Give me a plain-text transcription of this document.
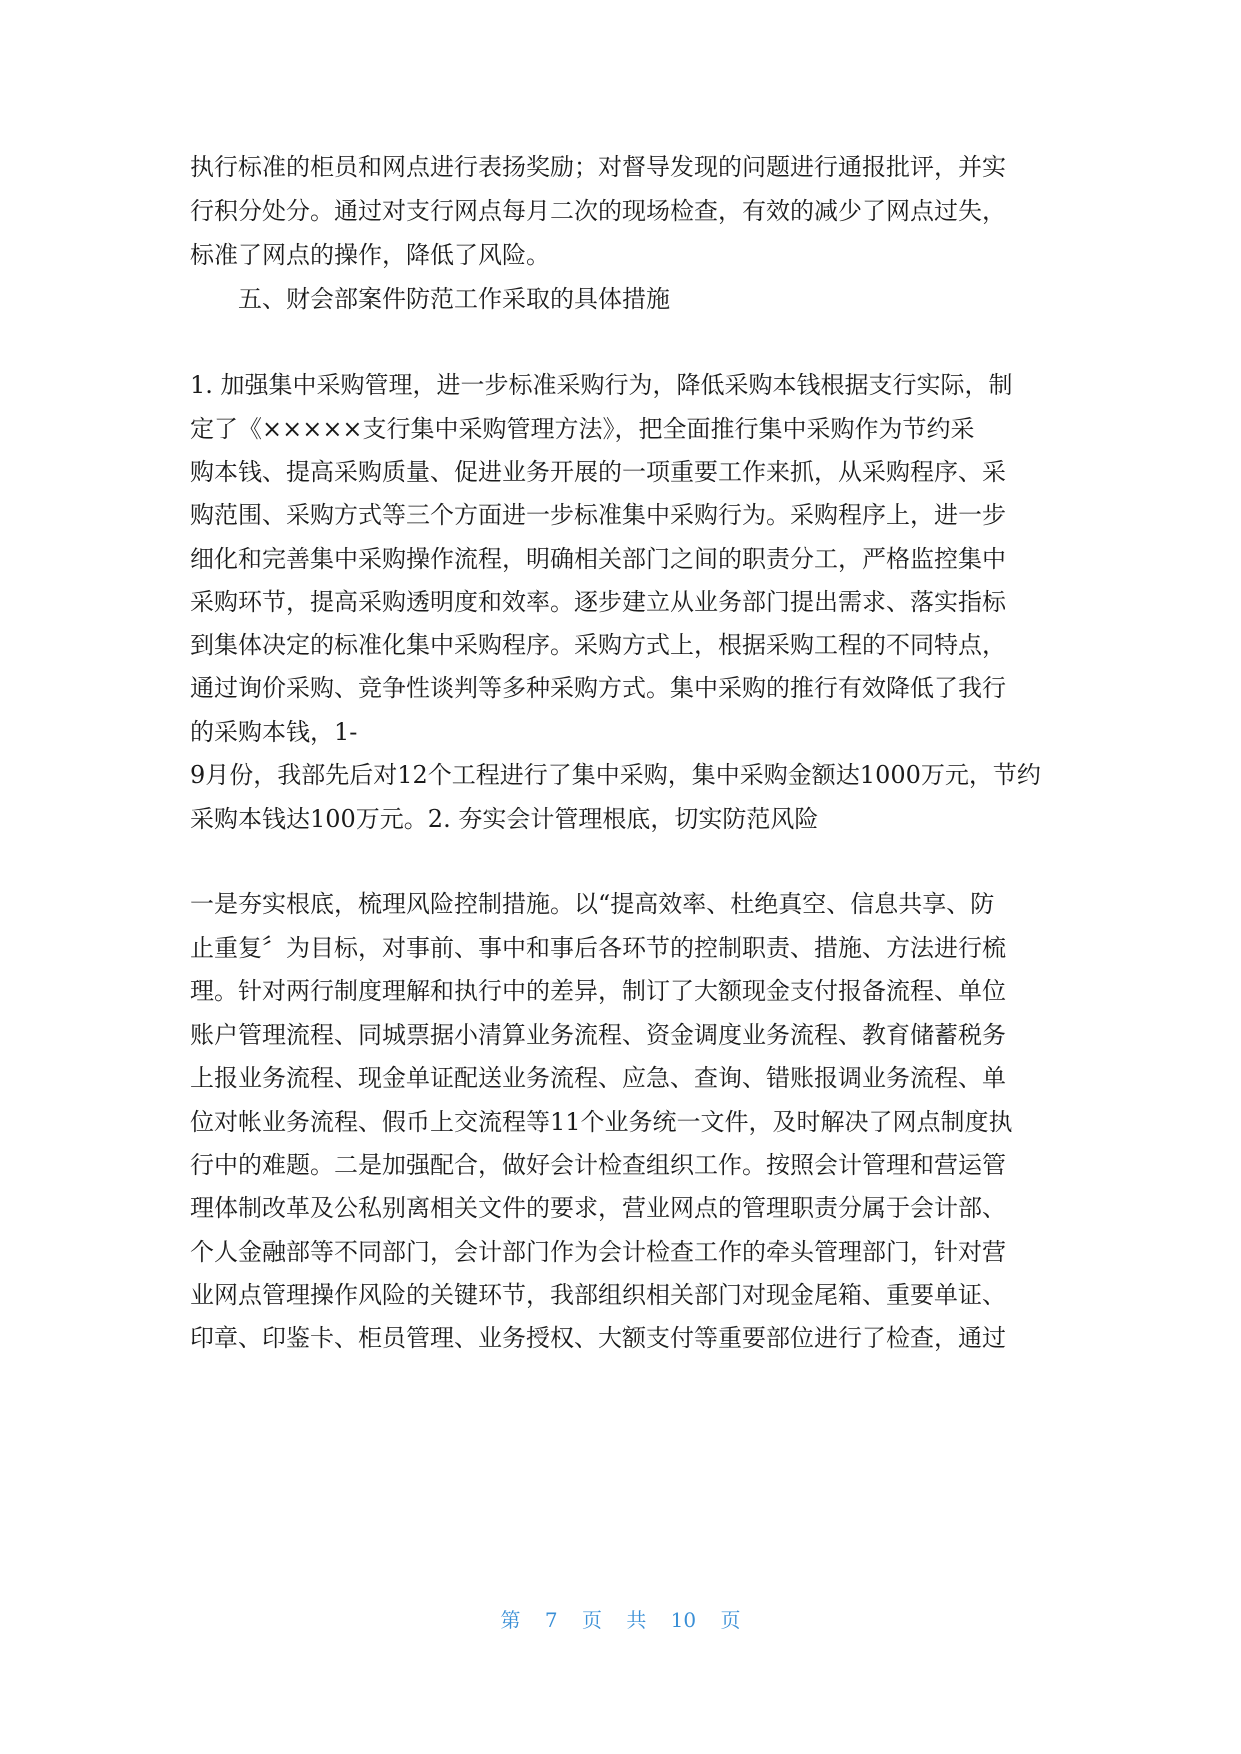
执行标准的柜员和网点进行表扬奖励；对督导发现的问题进行通报批评，并实
行积分处分。通过对支行网点每月二次的现场检查，有效的减少了网点过失，
标准了网点的操作，降低了风险。
五、财会部案件防范工作采取的具体措施
1. 加强集中采购管理，进一步标准采购行为，降低采购本钱根据支行实际，制
定了《×××××支行集中采购管理方法》，把全面推行集中采购作为节约采
购本钱、提高采购质量、促进业务开展的一项重要工作来抓，从采购程序、采
购范围、采购方式等三个方面进一步标准集中采购行为。采购程序上，进一步
细化和完善集中采购操作流程，明确相关部门之间的职责分工，严格监控集中
采购环节，提高采购透明度和效率。逐步建立从业务部门提出需求、落实指标
到集体决定的标准化集中采购程序。采购方式上，根据采购工程的不同特点，
通过询价采购、竞争性谈判等多种采购方式。集中采购的推行有效降低了我行
的采购本钱，1-
9月份，我部先后对12个工程进行了集中采购，集中采购金额达1000万元，节约
采购本钱达100万元。2. 夯实会计管理根底，切实防范风险
一是夯实根底，梳理风险控制措施。以“提高效率、杜绝真空、信息共享、防
止重复〞为目标，对事前、事中和事后各环节的控制职责、措施、方法进行梳
理。针对两行制度理解和执行中的差异，制订了大额现金支付报备流程、单位
账户管理流程、同城票据小清算业务流程、资金调度业务流程、教育储蓄税务
上报业务流程、现金单证配送业务流程、应急、查询、错账报调业务流程、单
位对帐业务流程、假币上交流程等11个业务统一文件，及时解决了网点制度执
行中的难题。二是加强配合，做好会计检查组织工作。按照会计管理和营运管
理体制改革及公私别离相关文件的要求，营业网点的管理职责分属于会计部、
个人金融部等不同部门，会计部门作为会计检查工作的牵头管理部门，针对营
业网点管理操作风险的关键环节，我部组织相关部门对现金尾箱、重要单证、
印章、印鉴卡、柜员管理、业务授权、大额支付等重要部位进行了检查，通过
第 7 页 共 10 页
